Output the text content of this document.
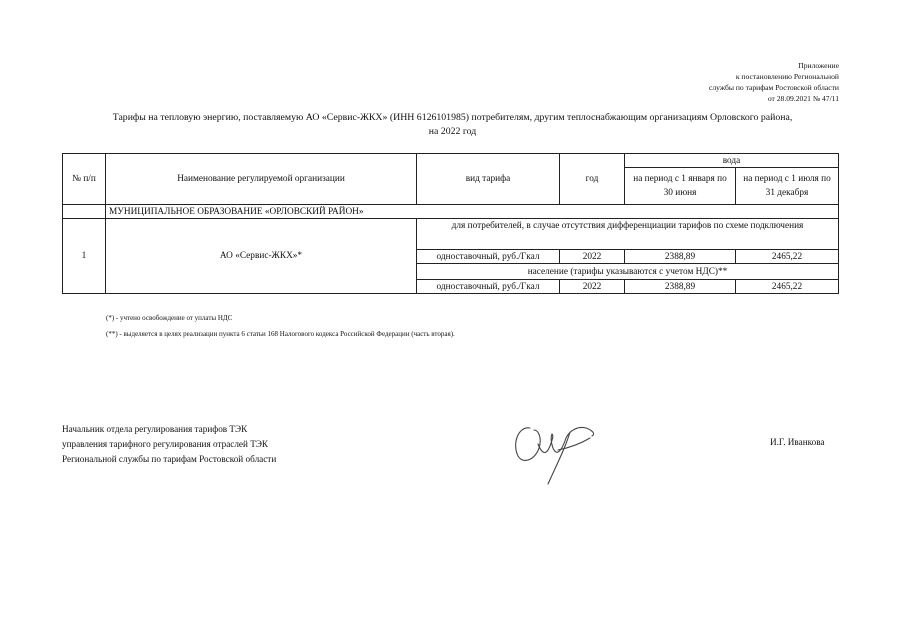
Приложение
к постановлению Региональной
службы по тарифам Ростовской области
от 28.09.2021 № 47/11
Тарифы на тепловую энергию, поставляемую АО «Сервис-ЖКХ» (ИНН 6126101985) потребителям, другим теплоснабжающим организациям Орловского района,
на 2022 год
№ п/п	Наименование регулируемой организации	вид тарифа	год	вода	
				на период с 1 января по 30 июня	на период с 1 июля по 31 декабря
	МУНИЦИПАЛЬНОЕ ОБРАЗОВАНИЕ «ОРЛОВСКИЙ РАЙОН»				
1	АО «Сервис-ЖКХ»*	для потребителей, в случае отсутствия дифференциации тарифов по схеме подключения			
		одноставочный, руб./Гкал	2022	2388,89	2465,22
		население (тарифы указываются с учетом НДС)**			
		одноставочный, руб./Гкал	2022	2388,89	2465,22
(*) - учтено освобождение от уплаты НДС
(**) - выделяется в целях реализации пункта 6 статьи 168 Налогового кодекса Российской Федерации (часть вторая).
Начальник отдела регулирования тарифов ТЭК
управления тарифного регулирования отраслей ТЭК
Региональной службы по тарифам Ростовской области
И.Г. Иванкова
